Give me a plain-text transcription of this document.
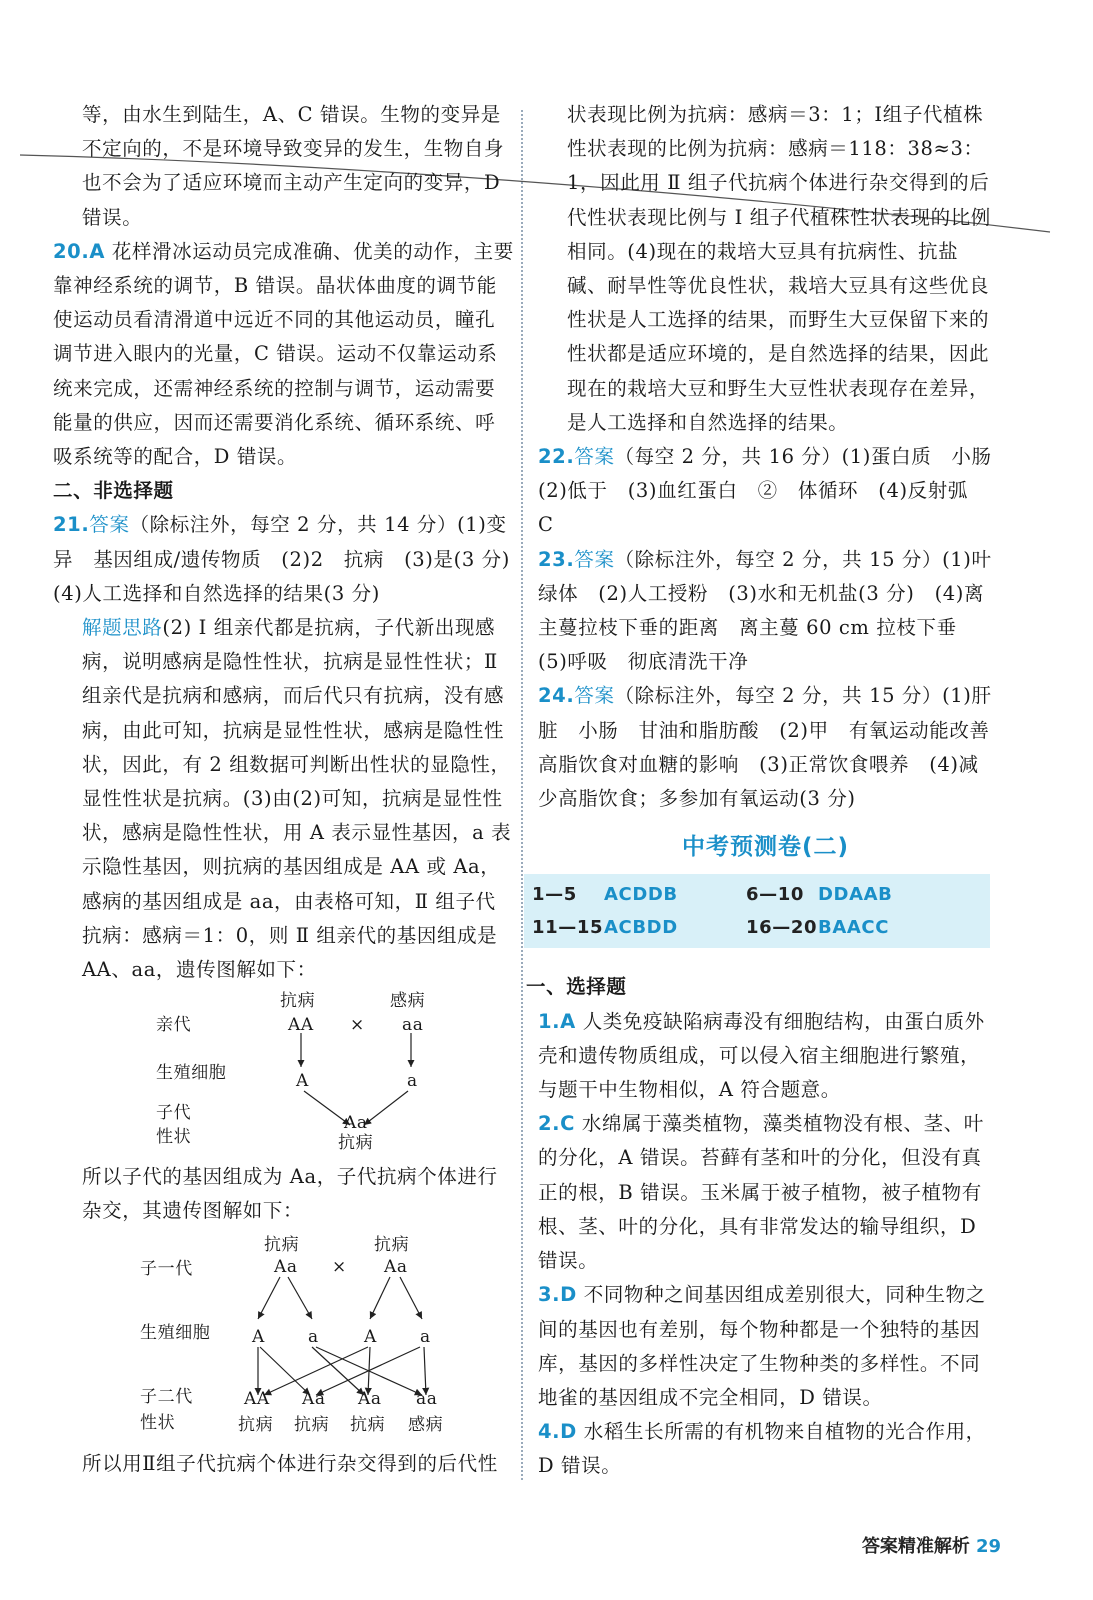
等，由水生到陆生，A、C 错误。生物的变异是不定向的，不是环境导致变异的发生，生物自身也不会为了适应环境而主动产生定向的变异，D 错误。

20.A 花样滑冰运动员完成准确、优美的动作，主要靠神经系统的调节，B 错误。晶状体曲度的调节能使运动员看清滑道中远近不同的其他运动员，瞳孔调节进入眼内的光量，C 错误。运动不仅靠运动系统来完成，还需神经系统的控制与调节，运动需要能量的供应，因而还需要消化系统、循环系统、呼吸系统等的配合，D 错误。

二、非选择题

21.答案（除标注外，每空 2 分，共 14 分）(1)变异　基因组成/遗传物质　(2)2　抗病　(3)是(3 分)　(4)人工选择和自然选择的结果(3 分)

解题思路(2) Ⅰ 组亲代都是抗病，子代新出现感病，说明感病是隐性性状，抗病是显性性状；Ⅱ 组亲代是抗病和感病，而后代只有抗病，没有感病，由此可知，抗病是显性性状，感病是隐性性状，因此，有 2 组数据可判断出性状的显隐性，显性性状是抗病。(3)由(2)可知，抗病是显性性状，感病是隐性性状，用 A 表示显性基因，a 表示隐性基因，则抗病的基因组成是 AA 或 Aa，感病的基因组成是 aa，由表格可知，Ⅱ 组子代抗病：感病＝1：0，则 Ⅱ 组亲代的基因组成是 AA、aa，遗传图解如下：

亲代
生殖细胞
子代
性状
抗病
AA
感病
aa
×
A	a
Aa
抗病

所以子代的基因组成为 Aa，子代抗病个体进行杂交，其遗传图解如下：

子一代
生殖细胞
子二代
性状
抗病	抗病
Aa	Aa
×
A	a	A	a
AA Aa Aa aa
抗病 抗病 抗病 感病

所以用Ⅱ组子代抗病个体进行杂交得到的后代性

状表现比例为抗病：感病＝3：1；Ⅰ组子代植株性状表现的比例为抗病：感病＝118：38≈3：1，因此用 Ⅱ 组子代抗病个体进行杂交得到的后代性状表现比例与 Ⅰ 组子代植株性状表现的比例相同。(4)现在的栽培大豆具有抗病性、抗盐碱、耐旱性等优良性状，栽培大豆具有这些优良性状是人工选择的结果，而野生大豆保留下来的性状都是适应环境的，是自然选择的结果，因此现在的栽培大豆和野生大豆性状表现存在差异，是人工选择和自然选择的结果。

22.答案（每空 2 分，共 16 分）(1)蛋白质　小肠　(2)低于　(3)血红蛋白　②　体循环　(4)反射弧　C

23.答案（除标注外，每空 2 分，共 15 分）(1)叶绿体　(2)人工授粉　(3)水和无机盐(3 分)　(4)离主蔓拉枝下垂的距离　离主蔓 60 cm 拉枝下垂　(5)呼吸　彻底清洗干净

24.答案（除标注外，每空 2 分，共 15 分）(1)肝脏　小肠　甘油和脂肪酸　(2)甲　有氧运动能改善高脂饮食对血糖的影响　(3)正常饮食喂养　(4)减少高脂饮食；多参加有氧运动(3 分)

中考预测卷(二)
1—5	ACDDB	6—10 DDAAB
11—15 ACBDD	16—20 BAACC

一、选择题

1.A 人类免疫缺陷病毒没有细胞结构，由蛋白质外壳和遗传物质组成，可以侵入宿主细胞进行繁殖，与题干中生物相似，A 符合题意。

2.C 水绵属于藻类植物，藻类植物没有根、茎、叶的分化，A 错误。苔藓有茎和叶的分化，但没有真正的根，B 错误。玉米属于被子植物，被子植物有根、茎、叶的分化，具有非常发达的输导组织，D 错误。

3.D 不同物种之间基因组成差别很大，同种生物之间的基因也有差别，每个物种都是一个独特的基因库，基因的多样性决定了生物种类的多样性。不同地雀的基因组成不完全相同，D 错误。

4.D 水稻生长所需的有机物来自植物的光合作用，D 错误。

答案精准解析 29
